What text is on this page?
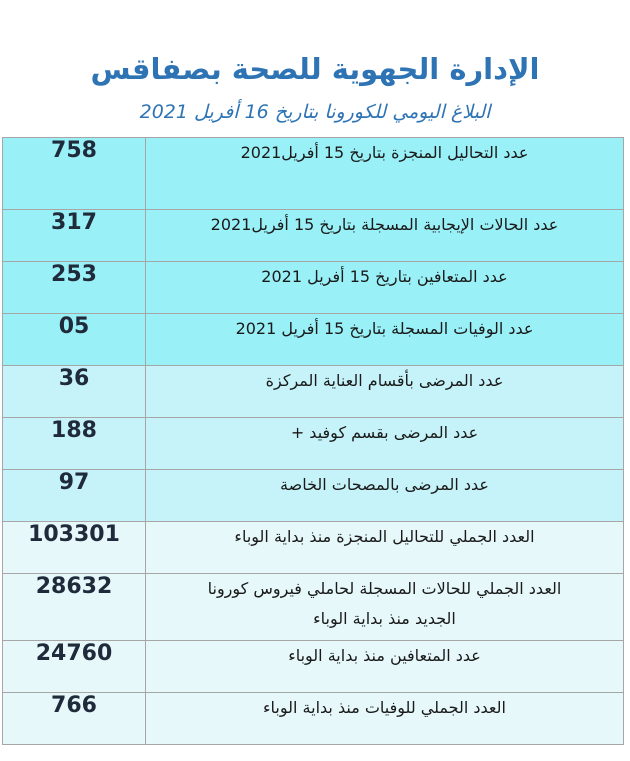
الإدارة الجهوية للصحة بصفاقس
البلاغ اليومي للكورونا بتاريخ 16 أفريل 2021
758	عدد التحاليل المنجزة بتاريخ 15 أفريل2021
317	عدد الحالات الإيجابية المسجلة بتاريخ 15 أفريل2021
253	عدد المتعافين بتاريخ 15 أفريل 2021
05	عدد الوفيات المسجلة بتاريخ 15 أفريل 2021
36	عدد المرضى بأقسام العناية المركزة
188	عدد المرضى بقسم كوفيد +
97	عدد المرضى بالمصحات الخاصة
103301	العدد الجملي للتحاليل المنجزة منذ بداية الوباء
28632	العدد الجملي للحالات المسجلة لحاملي فيروس كورونا الجديد منذ بداية الوباء
24760	عدد المتعافين منذ بداية الوباء
766	العدد الجملي للوفيات منذ بداية الوباء
